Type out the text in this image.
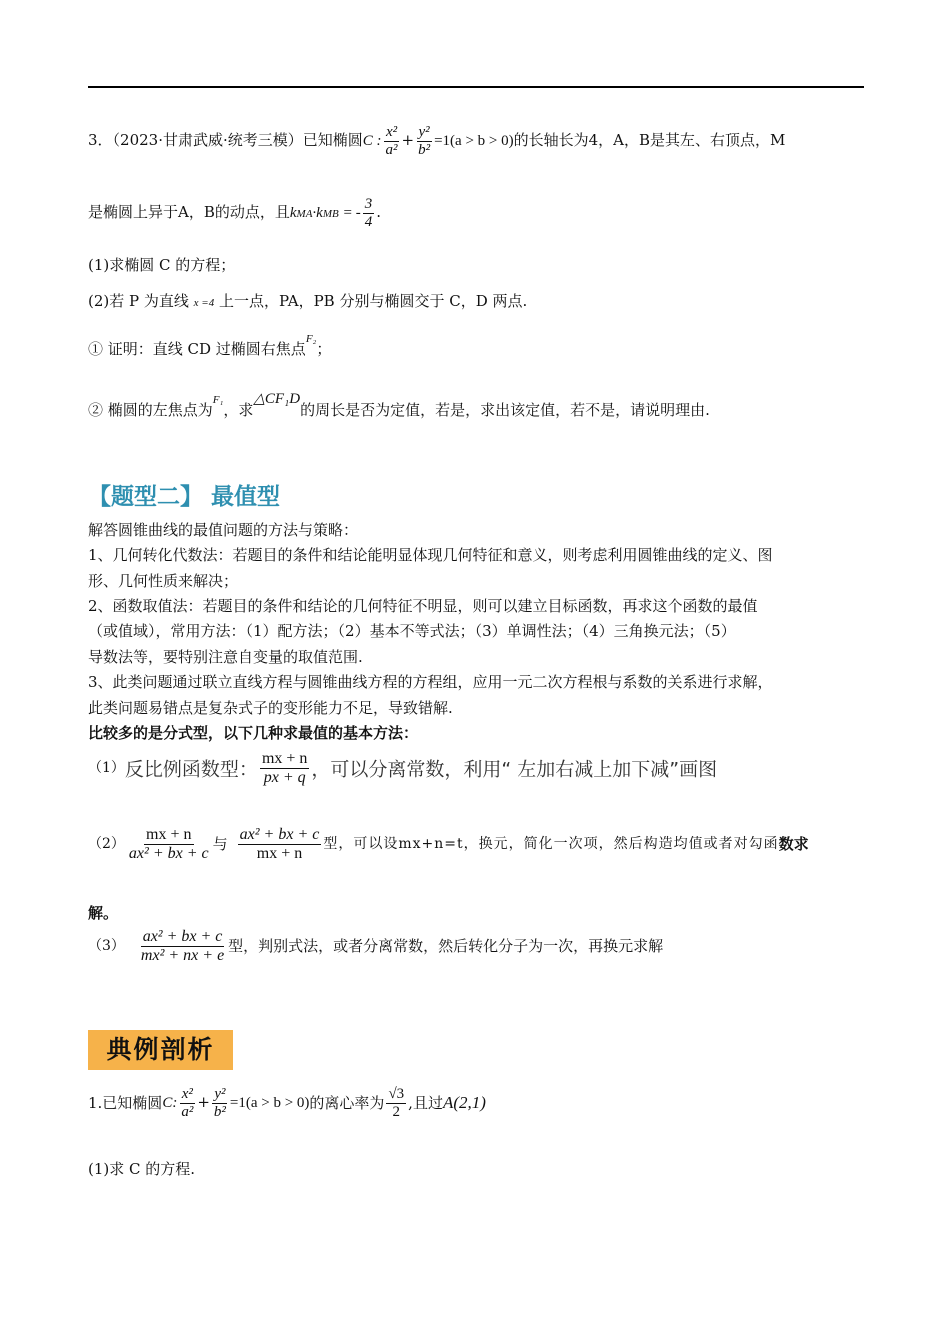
3．（2023·甘肃武威·统考三模）已知椭圆C : $\frac{\text{x²}}{\text{a²}} + \frac{\text{y²}}{\text{b²}} =1(a > b > 0)$的长轴长为4，A，B是其左、右顶点，M
是椭圆上异于A，B的动点，且kMA·kMB = - $\frac{3}{4}$ .
(1)求椭圆 C 的方程；
(2)若 P 为直线 x =4 上一点，PA，PB 分别与椭圆交于 C，D 两点.
① 证明：直线 CD 过椭圆右焦点$^{F_2}$；
② 椭圆的左焦点为$^{F_1}$，求△CF₁D的周长是否为定值，若是，求出该定值，若不是，请说明理由.
【题型二】 最值型
解答圆锥曲线的最值问题的方法与策略：
1、几何转化代数法：若题目的条件和结论能明显体现几何特征和意义，则考虑利用圆锥曲线的定义、图
形、几何性质来解决；
2、函数取值法：若题目的条件和结论的几何特征不明显，则可以建立目标函数，再求这个函数的最值
（或值域），常用方法：（1）配方法；（2）基本不等式法；（3）单调性法；（4）三角换元法；（5）
导数法等，要特别注意自变量的取值范围.
3、此类问题通过联立直线方程与圆锥曲线方程的方程组，应用一元二次方程根与系数的关系进行求解，
此类问题易错点是复杂式子的变形能力不足，导致错解.
比较多的是分式型，以下几种求最值的基本方法：
（1）反比例函数型： $\frac{mx + n}{px + q}$ ，可以分离常数，利用“ 左加右减上加下减”画图
$(2) \frac{mx + n}{\text{ax² + bx + c}}$ 与 $\frac{\text{ax² + bx + c}}{mx + n}$ 型，可以设mx+n=t，换元，简化一次项，然后构造均值或者对勾函数求
解。
$(3) \frac{\text{ax² + bx + c}}{\text{mx² + nx + e}}$ 型，判别式法，或者分离常数，然后转化分子为一次，再换元求解
典例剖析
1.已知椭圆C: $\frac{\text{x²}}{\text{a²}} + \frac{\text{y²}}{\text{b²}} =1(a > b > 0)$的离心率为 $\frac{√3}{2}$ ,且过A(2,1)
(1)求 C 的方程.
